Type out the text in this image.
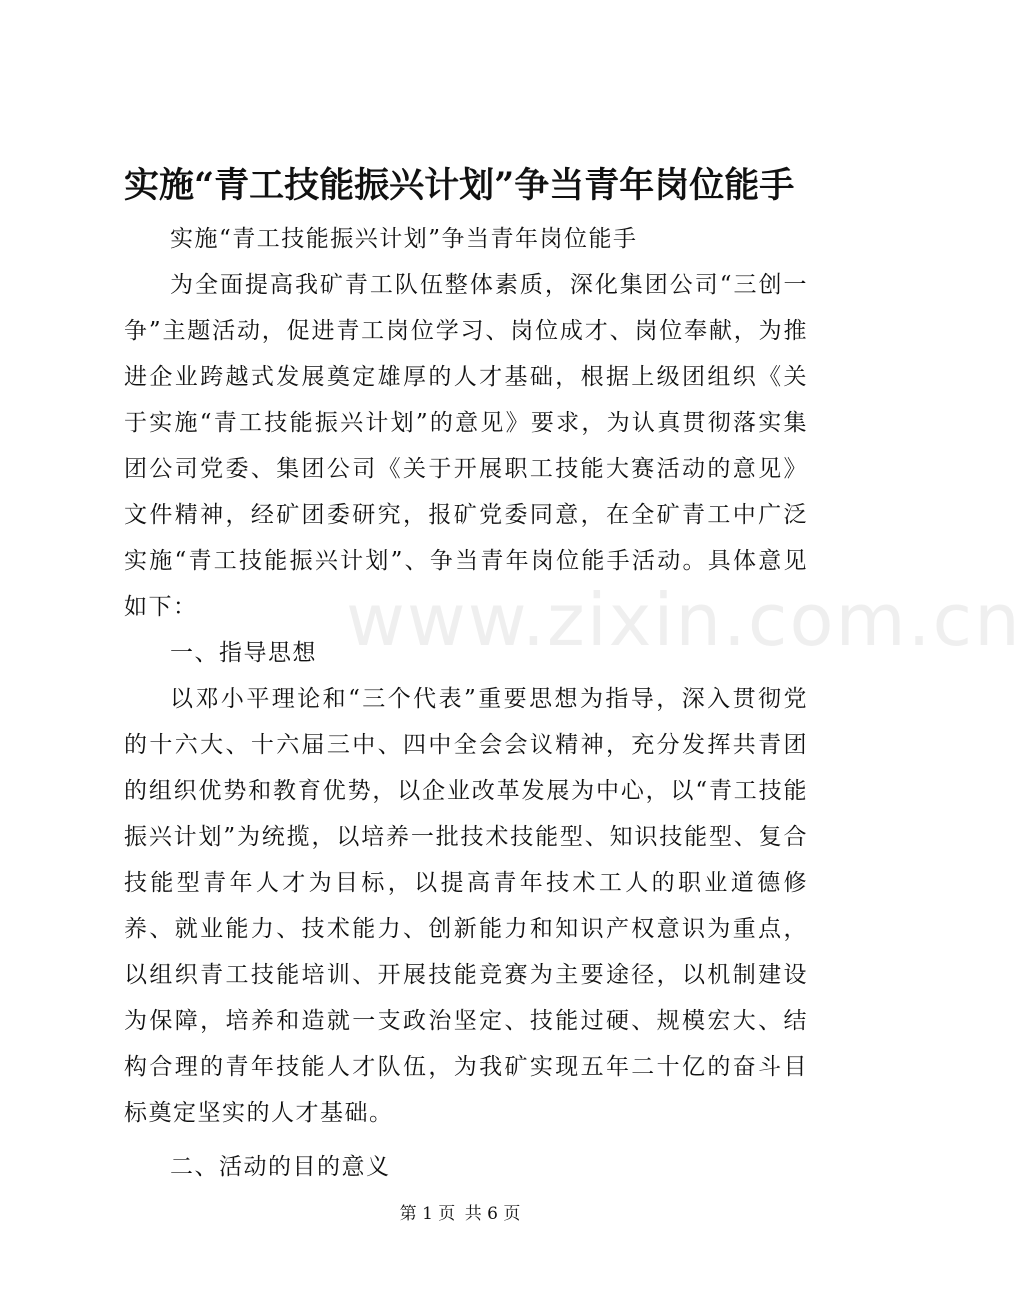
实施“青工技能振兴计划”争当青年岗位能手

实施“青工技能振兴计划”争当青年岗位能手

为全面提高我矿青工队伍整体素质，深化集团公司“三创一争”主题活动，促进青工岗位学习、岗位成才、岗位奉献，为推进企业跨越式发展奠定雄厚的人才基础，根据上级团组织《关于实施“青工技能振兴计划”的意见》要求，为认真贯彻落实集团公司党委、集团公司《关于开展职工技能大赛活动的意见》文件精神，经矿团委研究，报矿党委同意，在全矿青工中广泛实施“青工技能振兴计划”、争当青年岗位能手活动。具体意见如下：

一、指导思想

以邓小平理论和“三个代表”重要思想为指导，深入贯彻党的十六大、十六届三中、四中全会会议精神，充分发挥共青团的组织优势和教育优势，以企业改革发展为中心，以“青工技能振兴计划”为统揽，以培养一批技术技能型、知识技能型、复合技能型青年人才为目标，以提高青年技术工人的职业道德修养、就业能力、技术能力、创新能力和知识产权意识为重点，以组织青工技能培训、开展技能竞赛为主要途径，以机制建设为保障，培养和造就一支政治坚定、技能过硬、规模宏大、结构合理的青年技能人才队伍，为我矿实现五年二十亿的奋斗目标奠定坚实的人才基础。

二、活动的目的意义

www.zixin.com.cn
第 1 页 共 6 页
